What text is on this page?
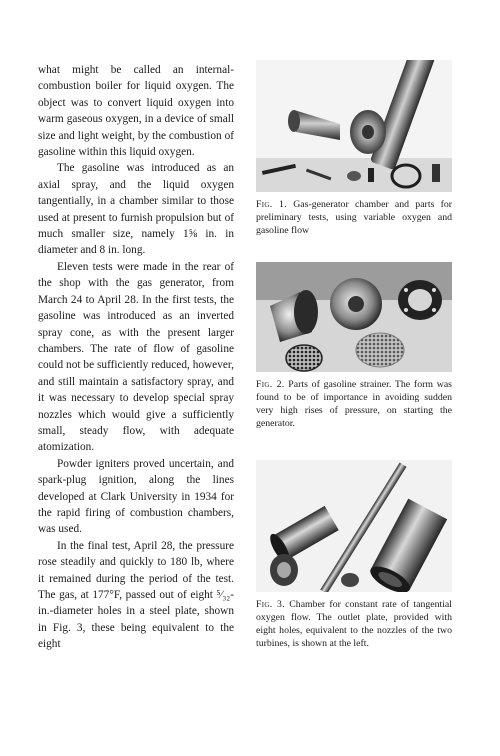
what might be called an internal-combustion boiler for liquid oxygen. The object was to convert liquid oxygen into warm gaseous oxygen, in a device of small size and light weight, by the combustion of gasoline within this liquid oxygen.

The gasoline was introduced as an axial spray, and the liquid oxygen tangentially, in a chamber similar to those used at present to furnish propulsion but of much smaller size, namely 1⅝ in. in diameter and 8 in. long.

Eleven tests were made in the rear of the shop with the gas generator, from March 24 to April 28. In the first tests, the gasoline was introduced as an inverted spray cone, as with the present larger chambers. The rate of flow of gasoline could not be sufficiently reduced, however, and still maintain a satisfactory spray, and it was necessary to develop special spray nozzles which would give a sufficiently small, steady flow, with adequate atomization.

Powder igniters proved uncertain, and spark-plug ignition, along the lines developed at Clark University in 1934 for the rapid firing of combustion chambers, was used.

In the final test, April 28, the pressure rose steadily and quickly to 180 lb, where it remained during the period of the test. The gas, at 177°F, passed out of eight ⁵⁄₃₂-in.-diameter holes in a steel plate, shown in Fig. 3, these being equivalent to the eight

Fig. 1. Gas-generator chamber and parts for preliminary tests, using variable oxygen and gasoline flow
Fig. 2. Parts of gasoline strainer. The form was found to be of importance in avoiding sudden very high rises of pressure, on starting the generator.
Fig. 3. Chamber for constant rate of tangential oxygen flow. The outlet plate, provided with eight holes, equivalent to the nozzles of the two turbines, is shown at the left.
